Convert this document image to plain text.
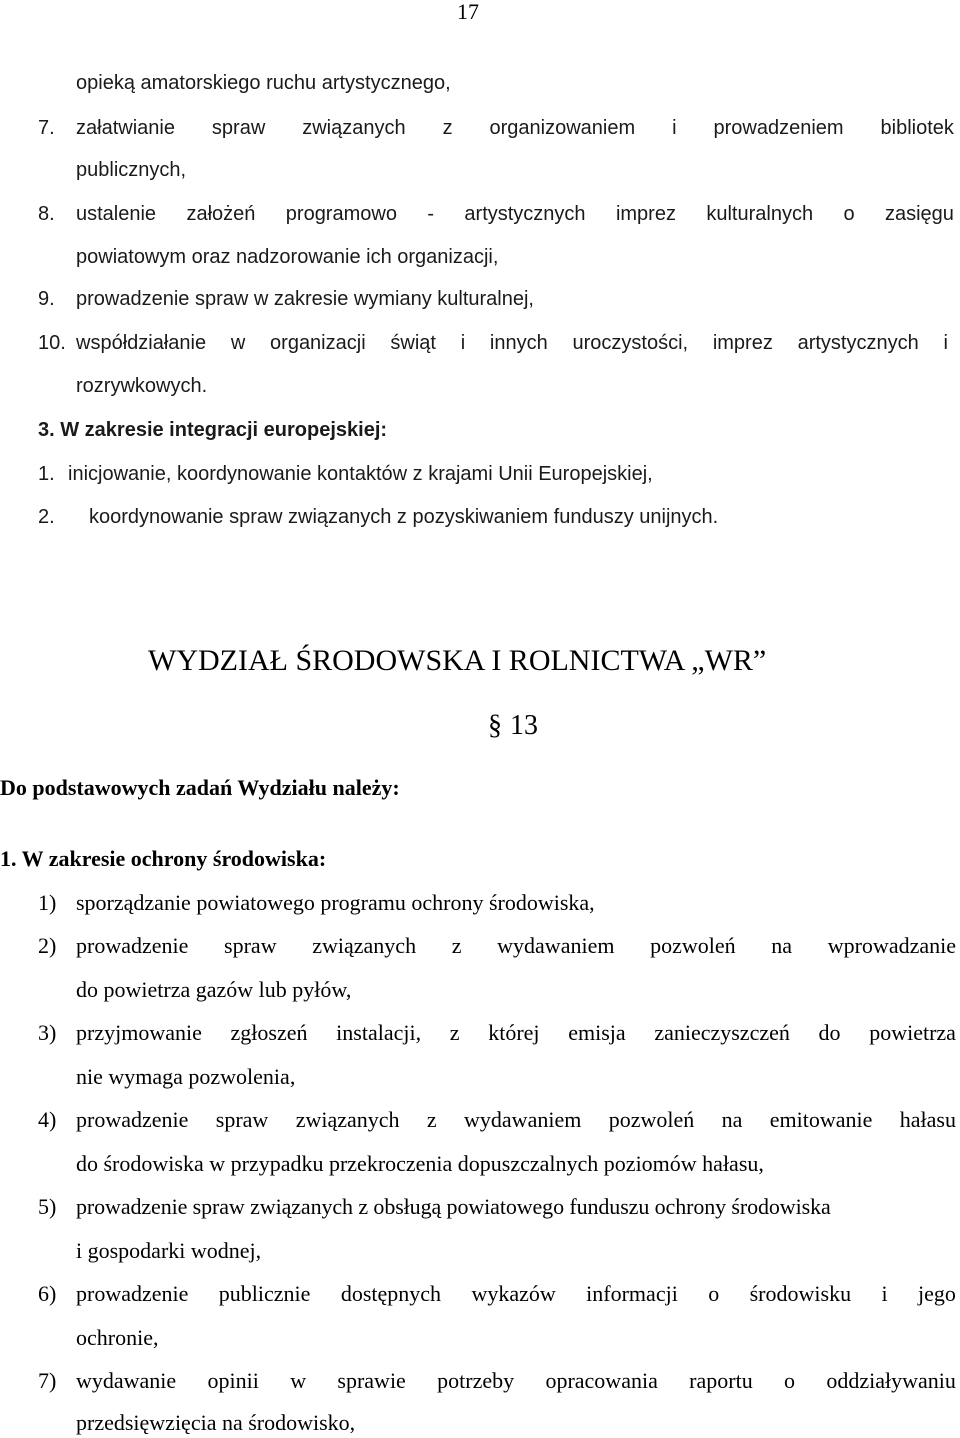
17
opieką amatorskiego ruchu artystycznego,
7. załatwianie spraw związanych z organizowaniem i prowadzeniem bibliotek
publicznych,
8. ustalenie założeń programowo - artystycznych imprez kulturalnych o zasięgu
powiatowym oraz nadzorowanie ich organizacji,
9. prowadzenie spraw w zakresie wymiany kulturalnej,
10. współdziałanie w organizacji świąt i innych uroczystości, imprez artystycznych i
rozrywkowych.
3. W zakresie integracji europejskiej:
1. inicjowanie, koordynowanie kontaktów z krajami Unii Europejskiej,
2. koordynowanie spraw związanych z pozyskiwaniem funduszy unijnych.
WYDZIAŁ ŚRODOWSKA I ROLNICTWA „WR”
§ 13
Do podstawowych zadań Wydziału należy:
1. W zakresie ochrony środowiska:
1) sporządzanie powiatowego programu ochrony środowiska,
2) prowadzenie spraw związanych z wydawaniem pozwoleń na wprowadzanie
do powietrza gazów lub pyłów,
3) przyjmowanie zgłoszeń instalacji, z której emisja zanieczyszczeń do powietrza
nie wymaga pozwolenia,
4) prowadzenie spraw związanych z wydawaniem pozwoleń na emitowanie hałasu
do środowiska w przypadku przekroczenia dopuszczalnych poziomów hałasu,
5) prowadzenie spraw związanych z obsługą powiatowego funduszu ochrony środowiska
i gospodarki wodnej,
6) prowadzenie publicznie dostępnych wykazów informacji o środowisku i jego
ochronie,
7) wydawanie opinii w sprawie potrzeby opracowania raportu o oddziaływaniu
przedsięwzięcia na środowisko,
